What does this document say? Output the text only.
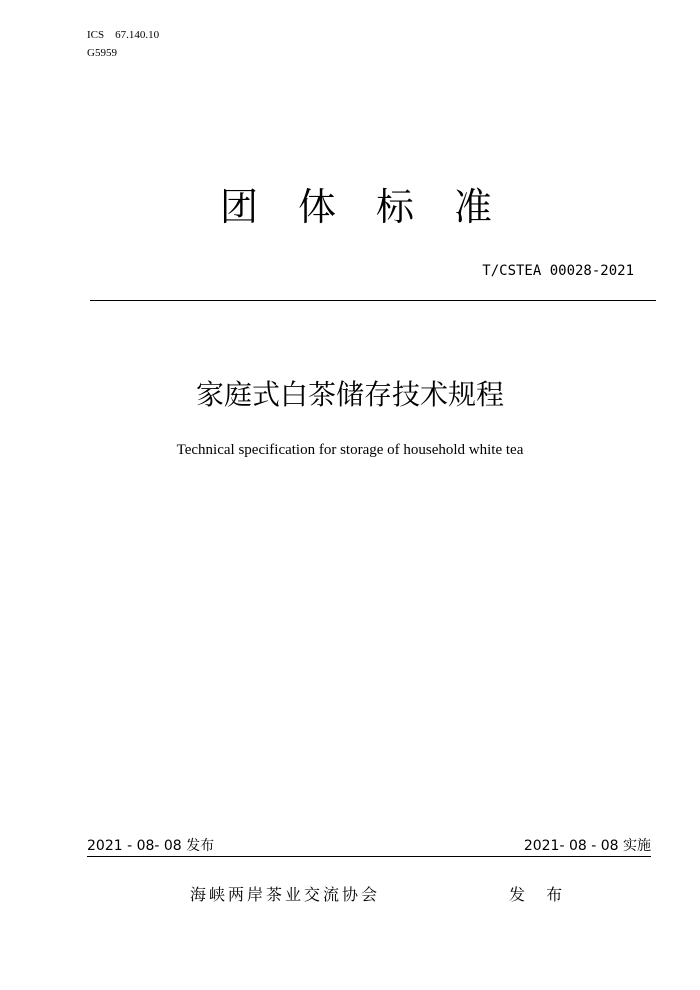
ICS    67.140.10
G5959
团 体 标 准
T/CSTEA 00028-2021
家庭式白茶储存技术规程
Technical specification for storage of household white tea
2021 - 08- 08 发布	2021- 08 - 08 实施
海峡两岸茶业交流协会	发 布
